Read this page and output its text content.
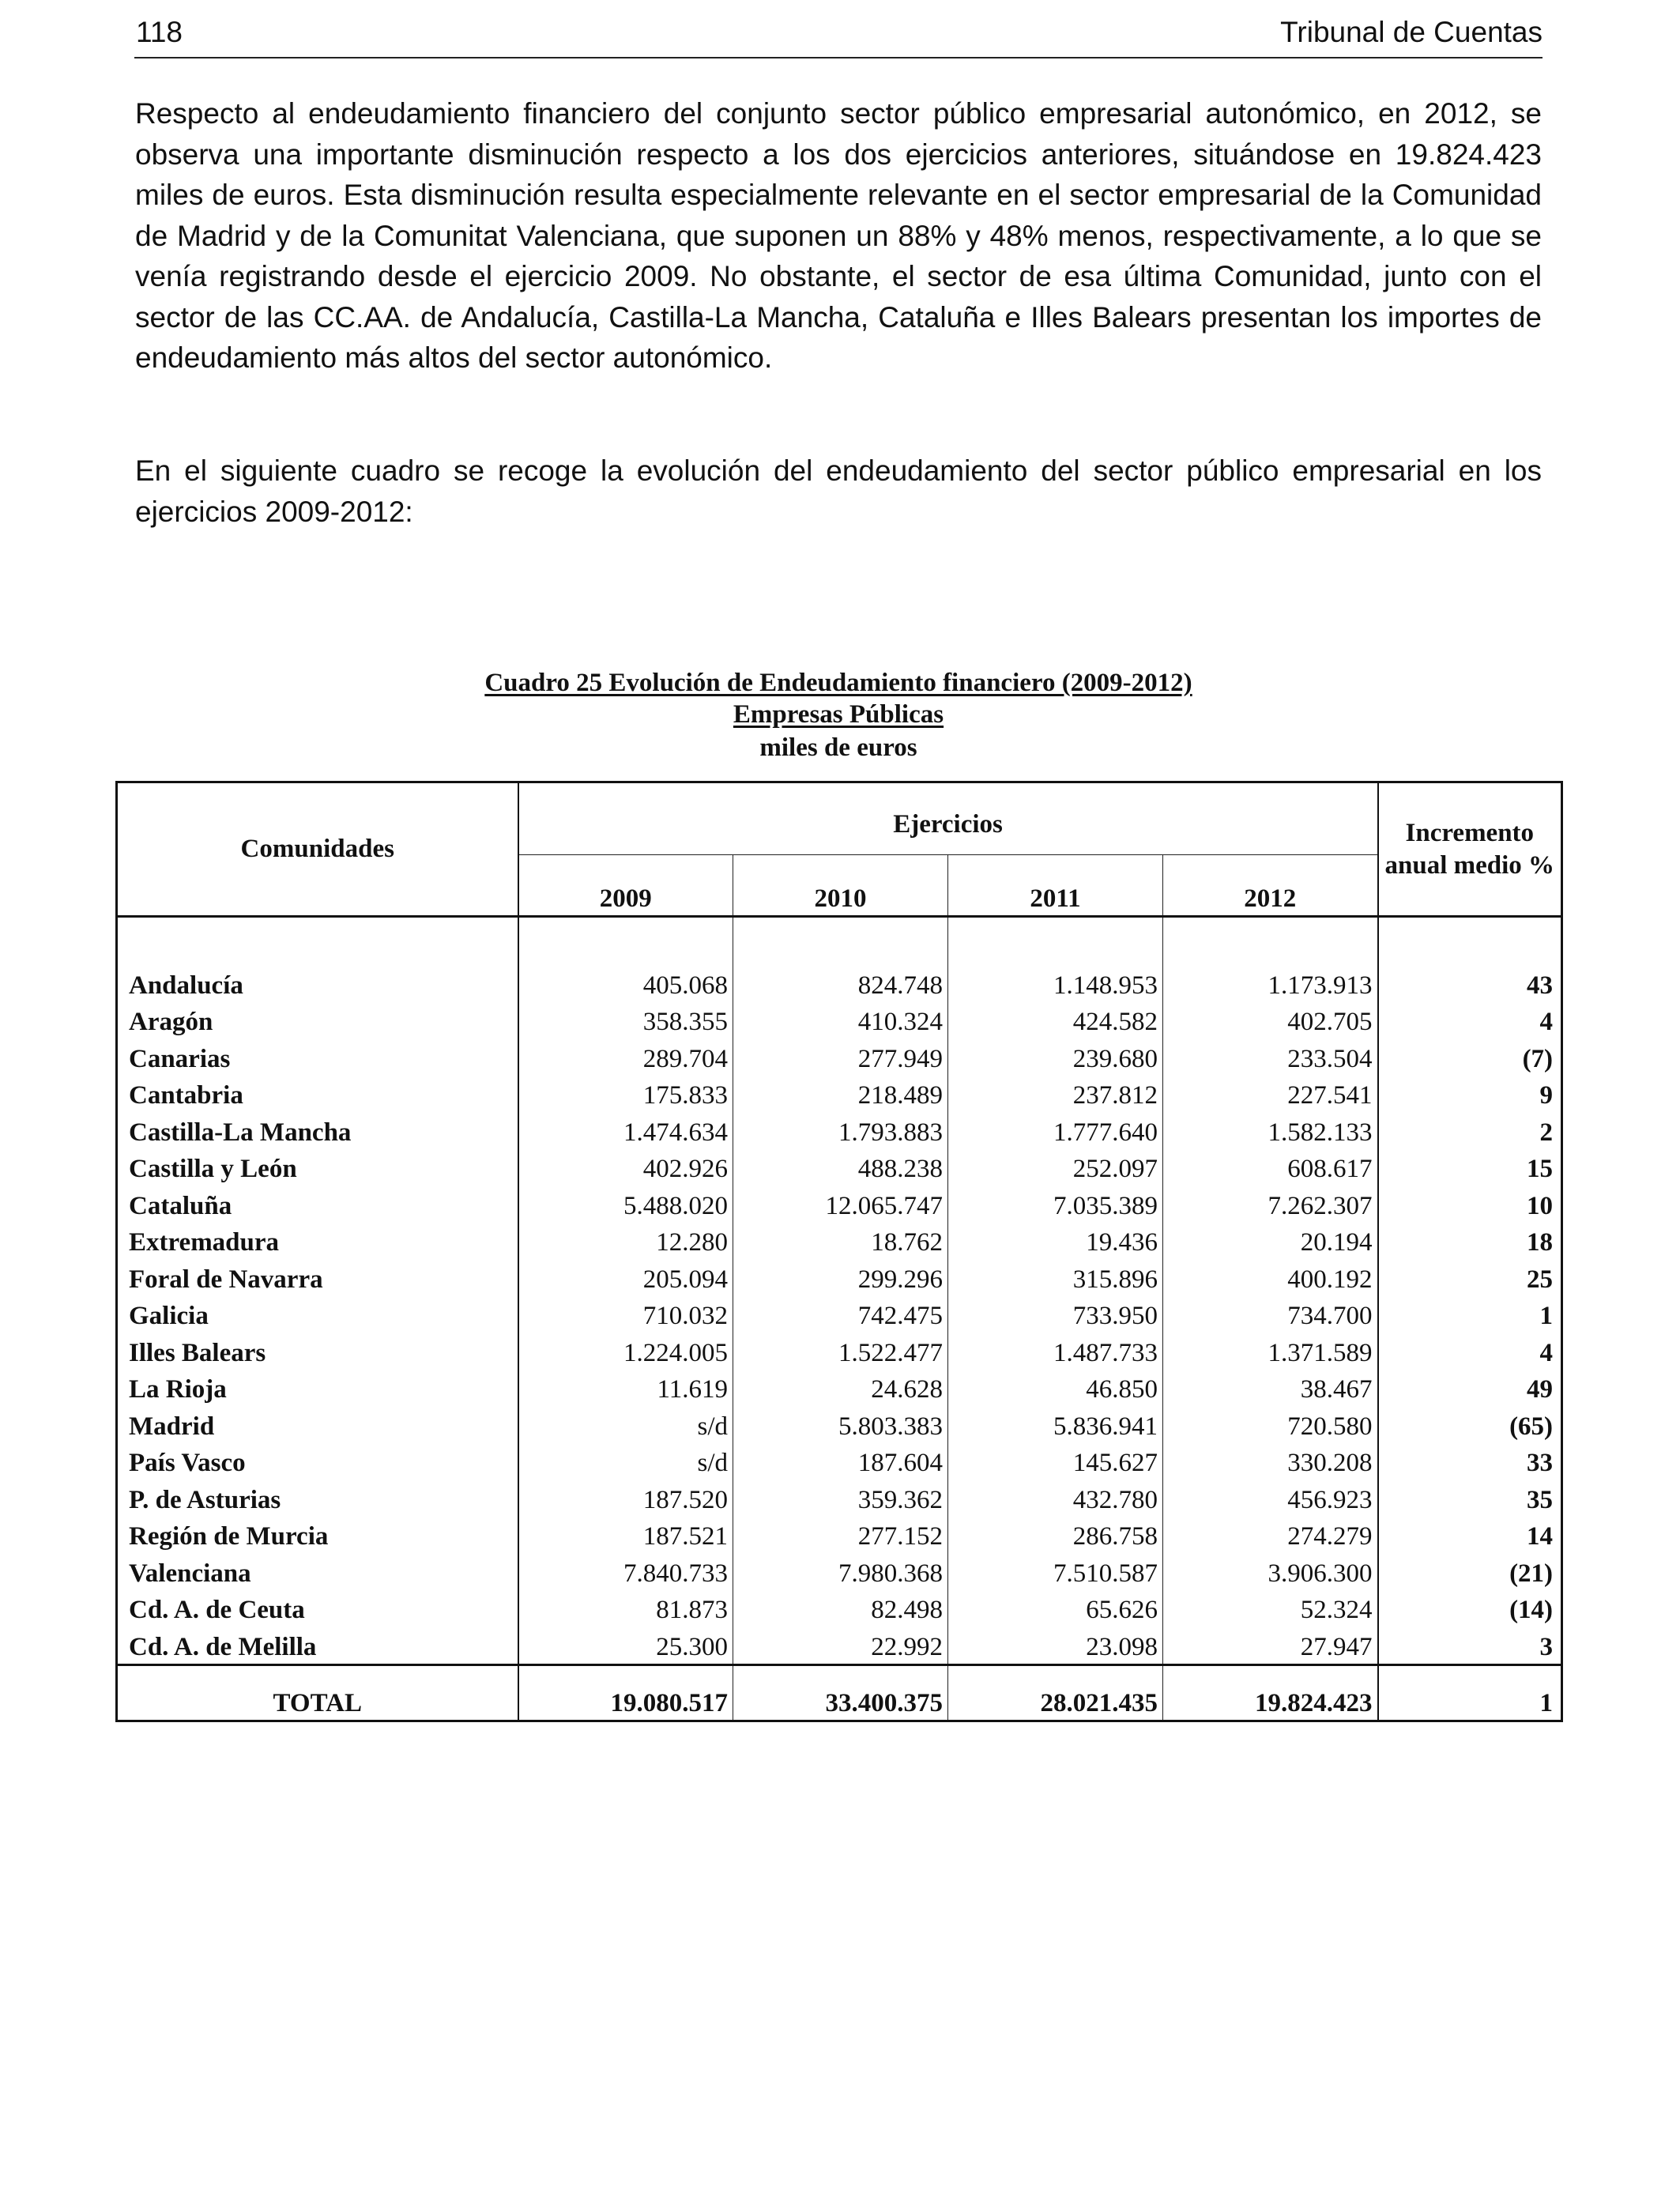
118	Tribunal de Cuentas

Respecto al endeudamiento financiero del conjunto sector público empresarial autonómico, en 2012, se observa una importante disminución respecto a los dos ejercicios anteriores, situándose en 19.824.423 miles de euros. Esta disminución resulta especialmente relevante en el sector empresarial de la Comunidad de Madrid y de la Comunitat Valenciana, que suponen un 88% y 48% menos, respectivamente, a lo que se venía registrando desde el ejercicio 2009. No obstante, el sector de esa última Comunidad, junto con el sector de las CC.AA. de Andalucía, Castilla-La Mancha, Cataluña e Illes Balears presentan los importes de endeudamiento más altos del sector autonómico.

En el siguiente cuadro se recoge la evolución del endeudamiento del sector público empresarial en los ejercicios 2009-2012:

Cuadro 25 Evolución de Endeudamiento financiero (2009-2012)
Empresas Públicas
miles de euros
Comunidades	Ejercicios				Incremento anual medio %
	2009	2010	2011	2012	

Andalucía	405.068	824.748	1.148.953	1.173.913	43
Aragón	358.355	410.324	424.582	402.705	4
Canarias	289.704	277.949	239.680	233.504	(7)
Cantabria	175.833	218.489	237.812	227.541	9
Castilla-La Mancha	1.474.634	1.793.883	1.777.640	1.582.133	2
Castilla y León	402.926	488.238	252.097	608.617	15
Cataluña	5.488.020	12.065.747	7.035.389	7.262.307	10
Extremadura	12.280	18.762	19.436	20.194	18
Foral de Navarra	205.094	299.296	315.896	400.192	25
Galicia	710.032	742.475	733.950	734.700	1
Illes Balears	1.224.005	1.522.477	1.487.733	1.371.589	4
La Rioja	11.619	24.628	46.850	38.467	49
Madrid	s/d	5.803.383	5.836.941	720.580	(65)
País Vasco	s/d	187.604	145.627	330.208	33
P. de Asturias	187.520	359.362	432.780	456.923	35
Región de Murcia	187.521	277.152	286.758	274.279	14
Valenciana	7.840.733	7.980.368	7.510.587	3.906.300	(21)
Cd. A. de Ceuta	81.873	82.498	65.626	52.324	(14)
Cd. A. de Melilla	25.300	22.992	23.098	27.947	3
TOTAL	19.080.517	33.400.375	28.021.435	19.824.423	1
